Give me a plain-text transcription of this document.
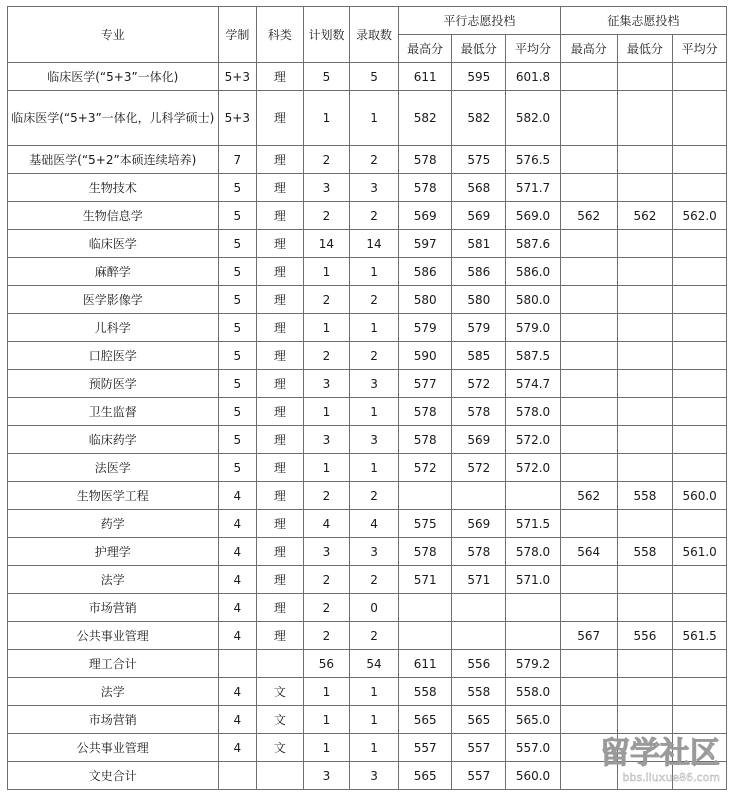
专业	学制	科类	计划数	录取数	平行志愿投档			征集志愿投档		
					最高分	最低分	平均分	最高分	最低分	平均分
临床医学(“5+3”一体化)	5+3	理	5	5	611	595	601.8			
临床医学(“5+3”一体化，儿科学硕士)	5+3	理	1	1	582	582	582.0			
基础医学(“5+2”本硕连续培养)	7	理	2	2	578	575	576.5			
生物技术	5	理	3	3	578	568	571.7			
生物信息学	5	理	2	2	569	569	569.0	562	562	562.0
临床医学	5	理	14	14	597	581	587.6			
麻醉学	5	理	1	1	586	586	586.0			
医学影像学	5	理	2	2	580	580	580.0			
儿科学	5	理	1	1	579	579	579.0			
口腔医学	5	理	2	2	590	585	587.5			
预防医学	5	理	3	3	577	572	574.7			
卫生监督	5	理	1	1	578	578	578.0			
临床药学	5	理	3	3	578	569	572.0			
法医学	5	理	1	1	572	572	572.0			
生物医学工程	4	理	2	2				562	558	560.0
药学	4	理	4	4	575	569	571.5			
护理学	4	理	3	3	578	578	578.0	564	558	561.0
法学	4	理	2	2	571	571	571.0			
市场营销	4	理	2	0						
公共事业管理	4	理	2	2				567	556	561.5
理工合计			56	54	611	556	579.2			
法学	4	文	1	1	558	558	558.0			
市场营销	4	文	1	1	565	565	565.0			
公共事业管理	4	文	1	1	557	557	557.0			
文史合计			3	3	565	557	560.0			
留学社区
bbs.liuxue86.com
